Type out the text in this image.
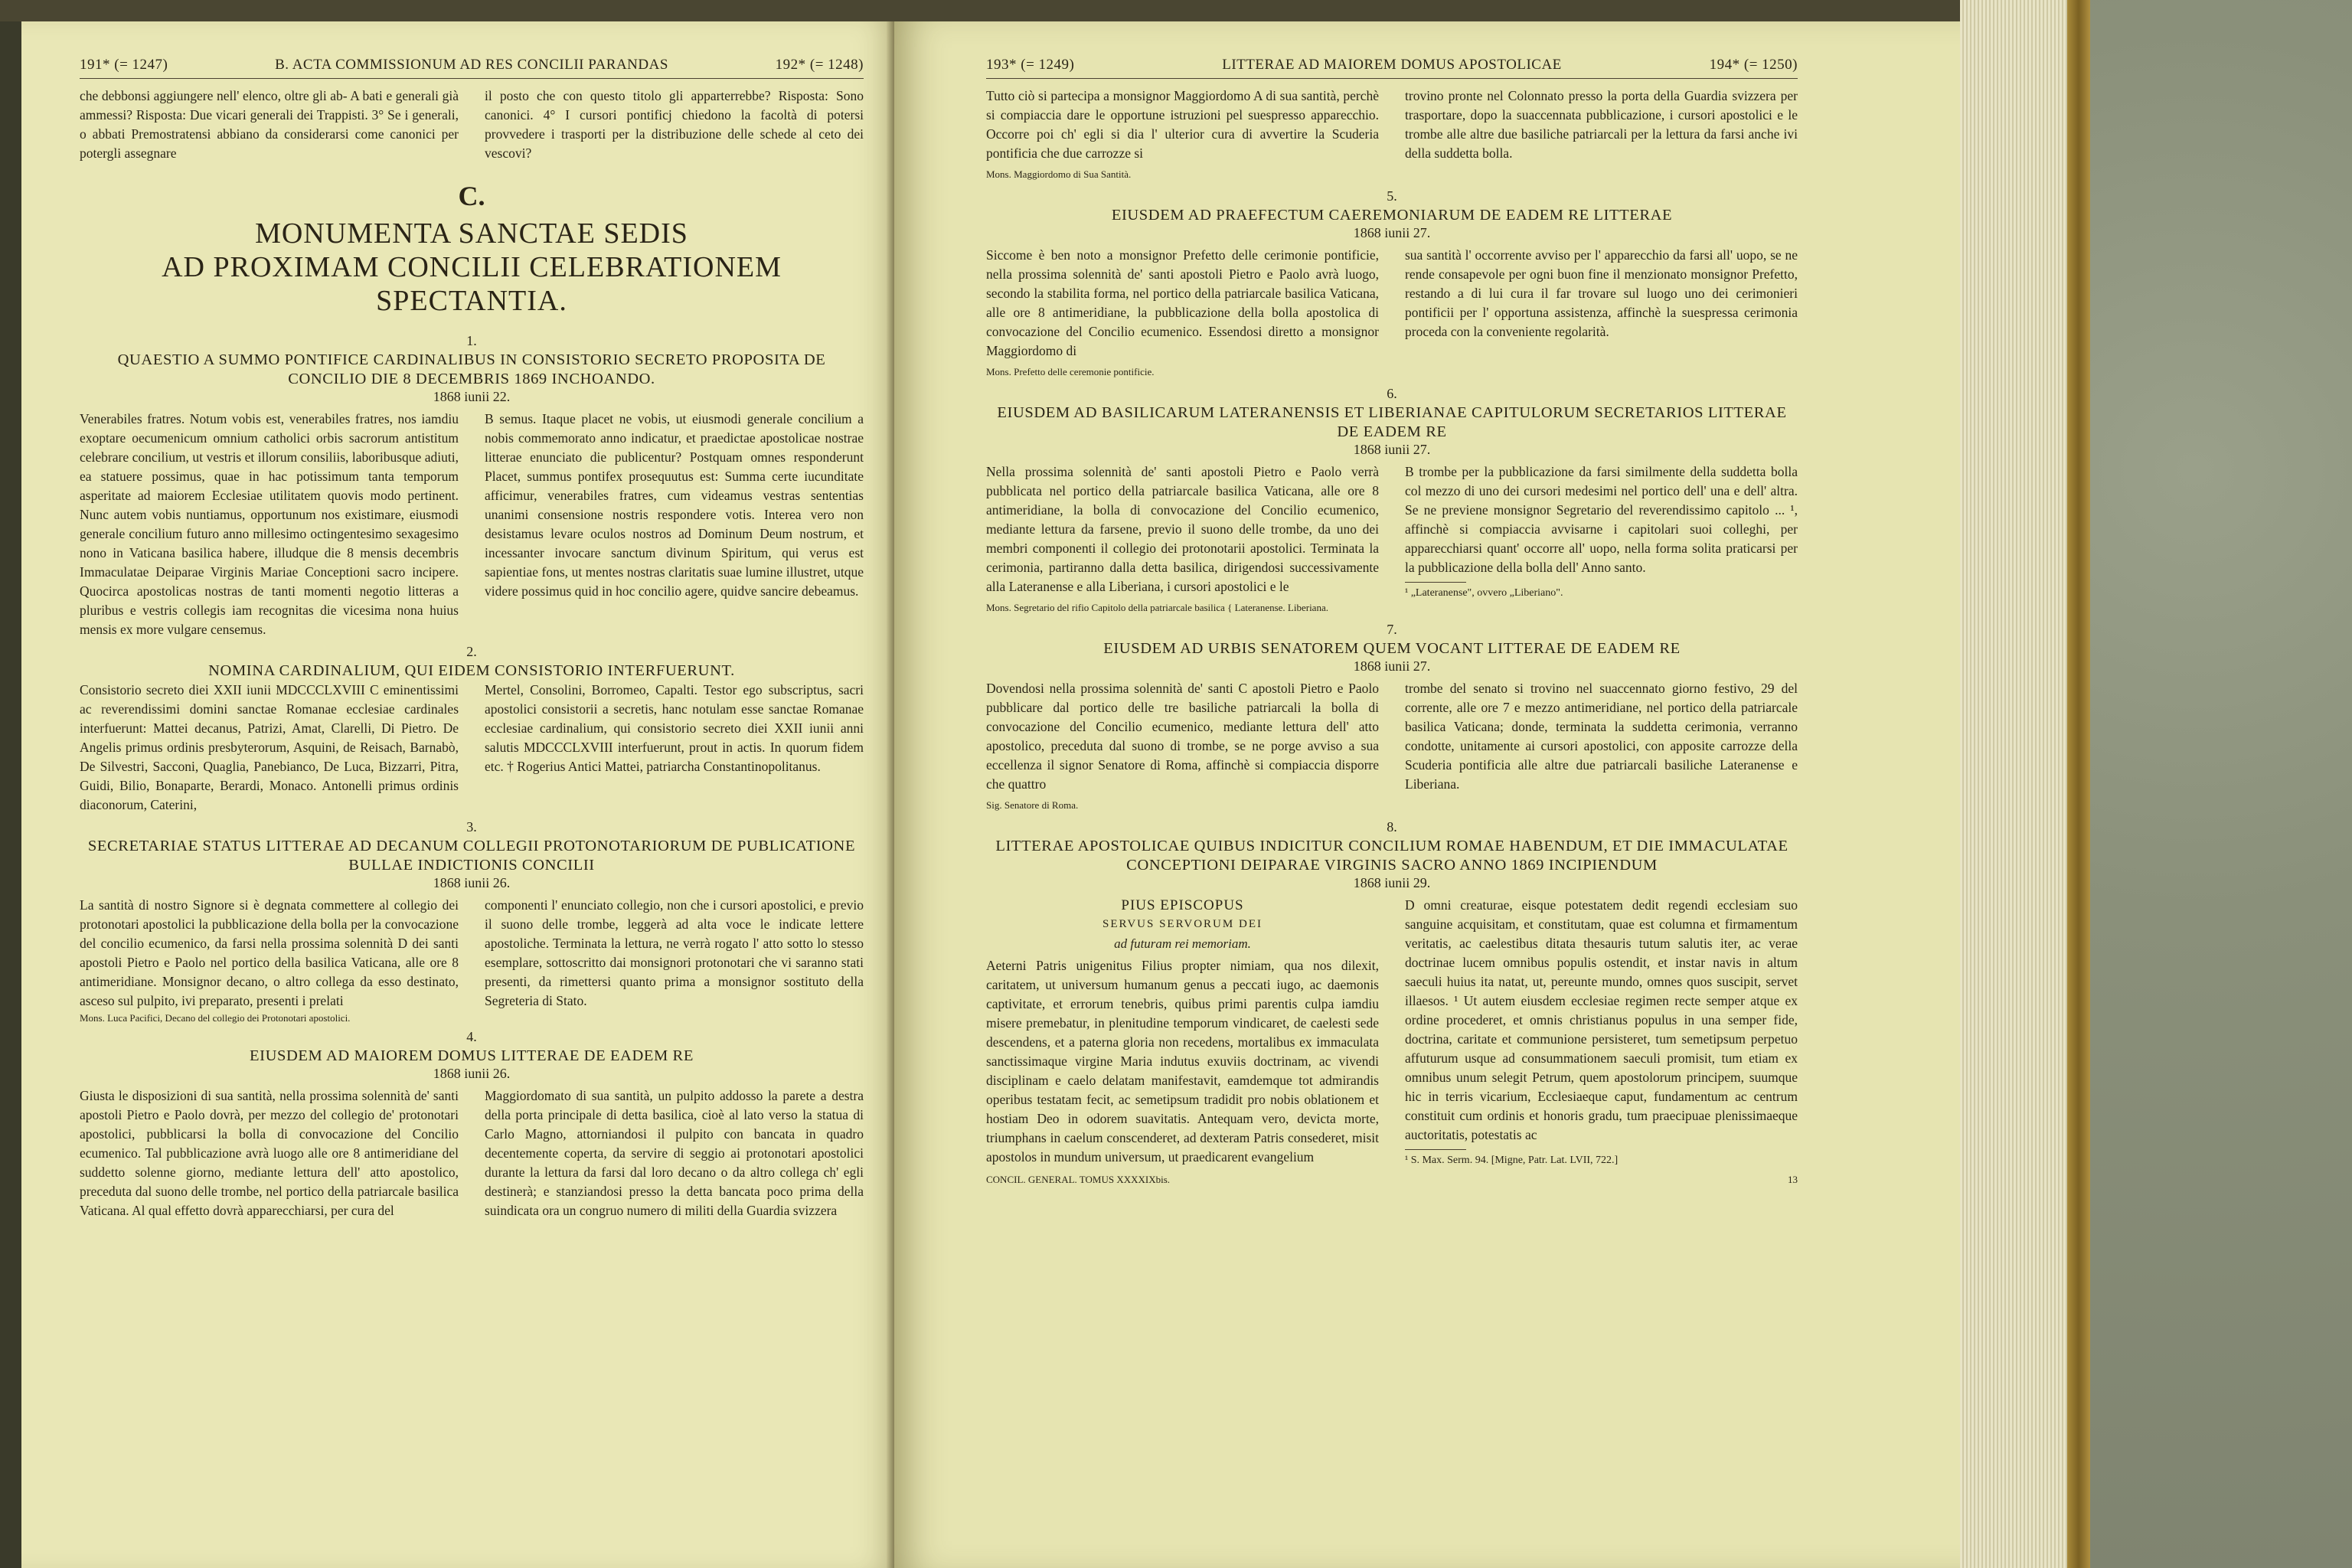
191* (= 1247)	B. ACTA COMMISSIONUM AD RES CONCILII PARANDAS	192* (= 1248)
che debbonsi aggiungere nell' elenco, oltre gli ab- A bati e generali già ammessi? Risposta: Due vicari generali dei Trappisti. 3° Se i generali, o abbati Premostratensi abbiano da considerarsi come canonici per potergli assegnare
il posto che con questo titolo gli apparterrebbe? Risposta: Sono canonici. 4° I cursori pontificj chiedono la facoltà di potersi provvedere i trasporti per la distribuzione delle schede al ceto dei vescovi?
C.
MONUMENTA SANCTAE SEDIS
AD PROXIMAM CONCILII CELEBRATIONEM SPECTANTIA.
1.
QUAESTIO A SUMMO PONTIFICE CARDINALIBUS IN CONSISTORIO SECRETO PROPOSITA DE CONCILIO DIE 8 DECEMBRIS 1869 INCHOANDO.
1868 iunii 22.
Venerabiles fratres. Notum vobis est, venerabiles fratres, nos iamdiu exoptare oecumenicum omnium catholici orbis sacrorum antistitum celebrare concilium, ut vestris et illorum consiliis, laboribusque adiuti, ea statuere possimus, quae in hac potissimum tanta temporum asperitate ad maiorem Ecclesiae utilitatem quovis modo pertinent. Nunc autem vobis nuntiamus, opportunum nos existimare, eiusmodi generale concilium futuro anno millesimo octingentesimo sexagesimo nono in Vaticana basilica habere, illudque die 8 mensis decembris Immaculatae Deiparae Virginis Mariae Conceptioni sacro incipere. Quocirca apostolicas nostras de tanti momenti negotio litteras a pluribus e vestris collegis iam recognitas die vicesima nona huius mensis ex more vulgare censemus.
B semus. Itaque placet ne vobis, ut eiusmodi generale concilium a nobis commemorato anno indicatur, et praedictae apostolicae nostrae litterae enunciato die publicentur? Postquam omnes responderunt Placet, summus pontifex prosequutus est: Summa certe iucunditate afficimur, venerabiles fratres, cum videamus vestras sententias unanimi consensione nostris respondere votis. Interea vero non desistamus levare oculos nostros ad Dominum Deum nostrum, et incessanter invocare sanctum divinum Spiritum, qui verus est sapientiae fons, ut mentes nostras claritatis suae lumine illustret, utque videre possimus quid in hoc concilio agere, quidve sancire debeamus.
2.
NOMINA CARDINALIUM, QUI EIDEM CONSISTORIO INTERFUERUNT.
Consistorio secreto diei XXII iunii MDCCCLXVIII C eminentissimi ac reverendissimi domini sanctae Romanae ecclesiae cardinales interfuerunt: Mattei decanus, Patrizi, Amat, Clarelli, Di Pietro. De Angelis primus ordinis presbyterorum, Asquini, de Reisach, Barnabò, De Silvestri, Sacconi, Quaglia, Panebianco, De Luca, Bizzarri, Pitra, Guidi, Bilio, Bonaparte, Berardi, Monaco. Antonelli primus ordinis diaconorum, Caterini,
Mertel, Consolini, Borromeo, Capalti. Testor ego subscriptus, sacri apostolici consistorii a secretis, hanc notulam esse sanctae Romanae ecclesiae cardinalium, qui consistorio secreto diei XXII iunii anni salutis MDCCCLXVIII interfuerunt, prout in actis. In quorum fidem etc. † Rogerius Antici Mattei, patriarcha Constantinopolitanus.
3.
SECRETARIAE STATUS LITTERAE AD DECANUM COLLEGII PROTONOTARIORUM DE PUBLICATIONE BULLAE INDICTIONIS CONCILII
1868 iunii 26.
La santità di nostro Signore si è degnata commettere al collegio dei protonotari apostolici la pubblicazione della bolla per la convocazione del concilio ecumenico, da farsi nella prossima solennità D dei santi apostoli Pietro e Paolo nel portico della basilica Vaticana, alle ore 8 antimeridiane. Monsignor decano, o altro collega da esso destinato, asceso sul pulpito, ivi preparato, presenti i prelati
componenti l' enunciato collegio, non che i cursori apostolici, e previo il suono delle trombe, leggerà ad alta voce le indicate lettere apostoliche. Terminata la lettura, ne verrà rogato l' atto sotto lo stesso esemplare, sottoscritto dai monsignori protonotari che vi saranno stati presenti, da rimettersi quanto prima a monsignor sostituto della Segreteria di Stato.
Mons. Luca Pacifici, Decano del collegio dei Protonotari apostolici.
4.
EIUSDEM AD MAIOREM DOMUS LITTERAE DE EADEM RE
1868 iunii 26.
Giusta le disposizioni di sua santità, nella prossima solennità de' santi apostoli Pietro e Paolo dovrà, per mezzo del collegio de' protonotari apostolici, pubblicarsi la bolla di convocazione del Concilio ecumenico. Tal pubblicazione avrà luogo alle ore 8 antimeridiane del suddetto solenne giorno, mediante lettura dell' atto apostolico, preceduta dal suono delle trombe, nel portico della patriarcale basilica Vaticana. Al qual effetto dovrà apparecchiarsi, per cura del
Maggiordomato di sua santità, un pulpito addosso la parete a destra della porta principale di detta basilica, cioè al lato verso la statua di Carlo Magno, attorniandosi il pulpito con bancata in quadro decentemente coperta, da servire di seggio ai protonotari apostolici durante la lettura da farsi dal loro decano o da altro collega ch' egli destinerà; e stanziandosi presso la detta bancata poco prima della suindicata ora un congruo numero di militi della Guardia svizzera
193* (= 1249)	LITTERAE AD MAIOREM DOMUS APOSTOLICAE	194* (= 1250)
Tutto ciò si partecipa a monsignor Maggiordomo A di sua santità, perchè si compiaccia dare le opportune istruzioni pel suespresso apparecchio. Occorre poi ch' egli si dia l' ulterior cura di avvertire la Scuderia pontificia che due carrozze si
Mons. Maggiordomo di Sua Santità.
trovino pronte nel Colonnato presso la porta della Guardia svizzera per trasportare, dopo la suaccennata pubblicazione, i cursori apostolici e le trombe alle altre due basiliche patriarcali per la lettura da farsi anche ivi della suddetta bolla.
5.
EIUSDEM AD PRAEFECTUM CAEREMONIARUM DE EADEM RE LITTERAE
1868 iunii 27.
Siccome è ben noto a monsignor Prefetto delle cerimonie pontificie, nella prossima solennità de' santi apostoli Pietro e Paolo avrà luogo, secondo la stabilita forma, nel portico della patriarcale basilica Vaticana, alle ore 8 antimeridiane, la pubblicazione della bolla apostolica di convocazione del Concilio ecumenico. Essendosi diretto a monsignor Maggiordomo di
Mons. Prefetto delle ceremonie pontificie.
sua santità l' occorrente avviso per l' apparecchio da farsi all' uopo, se ne rende consapevole per ogni buon fine il menzionato monsignor Prefetto, restando a di lui cura il far trovare sul luogo uno dei cerimonieri pontificii per l' opportuna assistenza, affinchè la suespressa cerimonia proceda con la conveniente regolarità.
6.
EIUSDEM AD BASILICARUM LATERANENSIS ET LIBERIANAE CAPITULORUM SECRETARIOS LITTERAE DE EADEM RE
1868 iunii 27.
Nella prossima solennità de' santi apostoli Pietro e Paolo verrà pubblicata nel portico della patriarcale basilica Vaticana, alle ore 8 antimeridiane, la bolla di convocazione del Concilio ecumenico, mediante lettura da farsene, previo il suono delle trombe, da uno dei membri componenti il collegio dei protonotarii apostolici. Terminata la cerimonia, partiranno dalla detta basilica, dirigendosi successivamente alla Lateranense e alla Liberiana, i cursori apostolici e le
Mons. Segretario del rifio Capitolo della patriarcale basilica { Lateranense. Liberiana.
B trombe per la pubblicazione da farsi similmente della suddetta bolla col mezzo di uno dei cursori medesimi nel portico dell' una e dell' altra. Se ne previene monsignor Segretario del reverendissimo capitolo ... ¹, affinchè si compiaccia avvisarne i capitolari suoi colleghi, per apparecchiarsi quant' occorre all' uopo, nella forma solita praticarsi per la pubblicazione della bolla dell' Anno santo.
¹ „Lateranense", ovvero „Liberiano".
7.
EIUSDEM AD URBIS SENATOREM QUEM VOCANT LITTERAE DE EADEM RE
1868 iunii 27.
Dovendosi nella prossima solennità de' santi C apostoli Pietro e Paolo pubblicare dal portico delle tre basiliche patriarcali la bolla di convocazione del Concilio ecumenico, mediante lettura dell' atto apostolico, preceduta dal suono di trombe, se ne porge avviso a sua eccellenza il signor Senatore di Roma, affinchè si compiaccia disporre che quattro
Sig. Senatore di Roma.
trombe del senato si trovino nel suaccennato giorno festivo, 29 del corrente, alle ore 7 e mezzo antimeridiane, nel portico della patriarcale basilica Vaticana; donde, terminata la suddetta cerimonia, verranno condotte, unitamente ai cursori apostolici, con apposite carrozze della Scuderia pontificia alle altre due patriarcali basiliche Lateranense e Liberiana.
8.
LITTERAE APOSTOLICAE QUIBUS INDICITUR CONCILIUM ROMAE HABENDUM, ET DIE IMMACULATAE CONCEPTIONI DEIPARAE VIRGINIS SACRO ANNO 1869 INCIPIENDUM
1868 iunii 29.
PIUS EPISCOPUS
SERVUS SERVORUM DEI
ad futuram rei memoriam.
Aeterni Patris unigenitus Filius propter nimiam, qua nos dilexit, caritatem, ut universum humanum genus a peccati iugo, ac daemonis captivitate, et errorum tenebris, quibus primi parentis culpa iamdiu misere premebatur, in plenitudine temporum vindicaret, de caelesti sede descendens, et a paterna gloria non recedens, mortalibus ex immaculata sanctissimaque virgine Maria indutus exuviis doctrinam, ac vivendi disciplinam e caelo delatam manifestavit, eamdemque tot admirandis operibus testatam fecit, ac semetipsum tradidit pro nobis oblationem et hostiam Deo in odorem suavitatis. Antequam vero, devicta morte, triumphans in caelum conscenderet, ad dexteram Patris consederet, misit apostolos in mundum universum, ut praedicarent evangelium
D omni creaturae, eisque potestatem dedit regendi ecclesiam suo sanguine acquisitam, et constitutam, quae est columna et firmamentum veritatis, ac caelestibus ditata thesauris tutum salutis iter, ac verae doctrinae lucem omnibus populis ostendit, et instar navis in altum saeculi huius ita natat, ut, pereunte mundo, omnes quos suscipit, servet illaesos. ¹ Ut autem eiusdem ecclesiae regimen recte semper atque ex ordine procederet, et omnis christianus populus in una semper fide, doctrina, caritate et communione persisteret, tum semetipsum perpetuo affuturum usque ad consummationem saeculi promisit, tum etiam ex omnibus unum selegit Petrum, quem apostolorum principem, suumque hic in terris vicarium, Ecclesiaeque caput, fundamentum ac centrum constituit cum ordinis et honoris gradu, tum praecipuae plenissimaeque auctoritatis, potestatis ac
¹ S. Max. Serm. 94. [Migne, Patr. Lat. LVII, 722.]
CONCIL. GENERAL. TOMUS XXXXIXbis.	13
